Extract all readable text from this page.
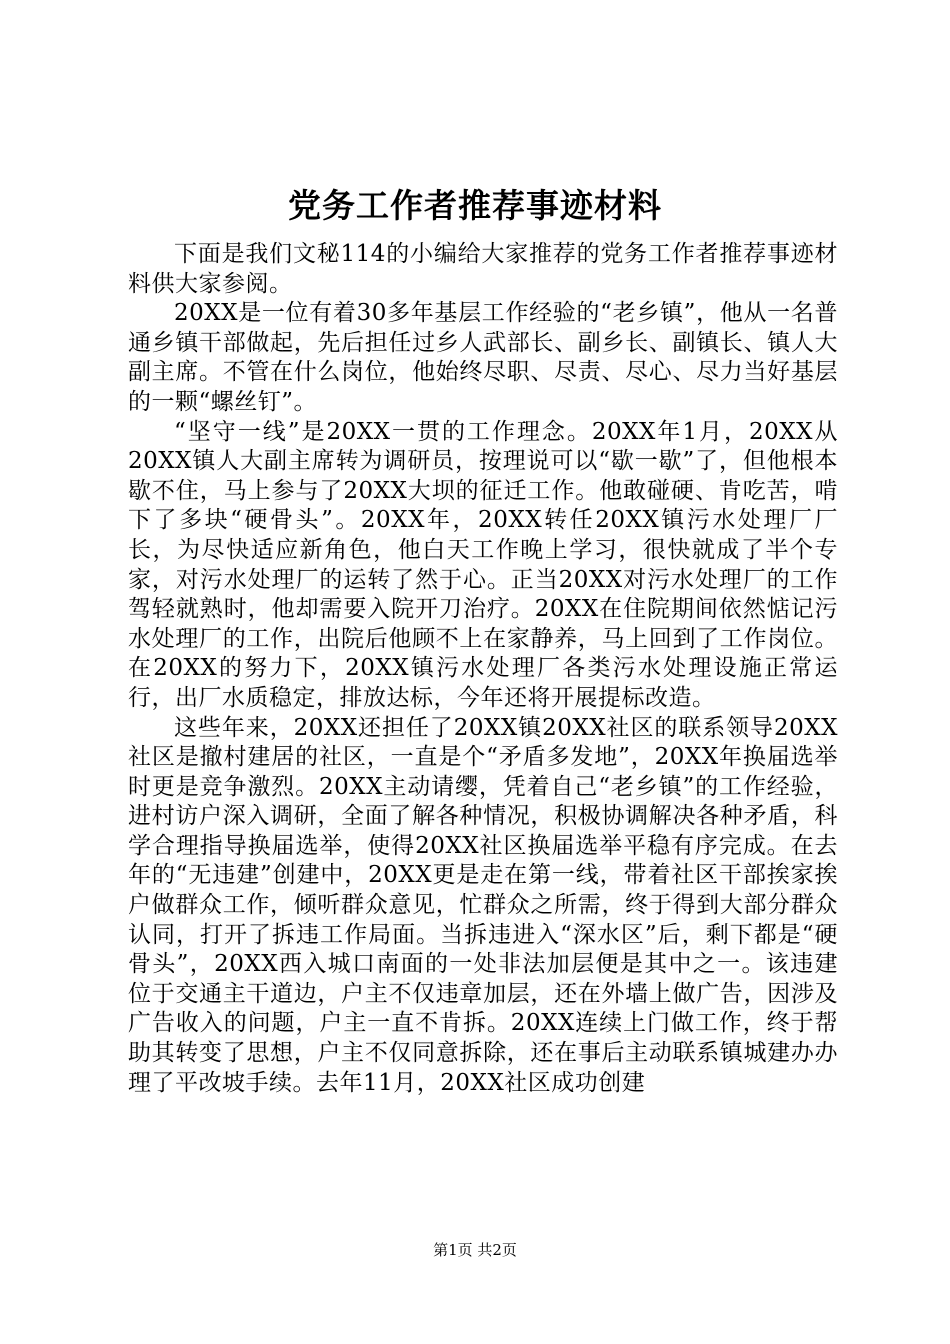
党务工作者推荐事迹材料

下面是我们文秘114的小编给大家推荐的党务工作者推荐事迹材料供大家参阅。

20XX是一位有着30多年基层工作经验的“老乡镇”，他从一名普通乡镇干部做起，先后担任过乡人武部长、副乡长、副镇长、镇人大副主席。不管在什么岗位，他始终尽职、尽责、尽心、尽力当好基层的一颗“螺丝钉”。

“坚守一线”是20XX一贯的工作理念。20XX年1月，20XX从20XX镇人大副主席转为调研员，按理说可以“歇一歇”了，但他根本歇不住，马上参与了20XX大坝的征迁工作。他敢碰硬、肯吃苦，啃下了多块“硬骨头”。20XX年，20XX转任20XX镇污水处理厂厂长，为尽快适应新角色，他白天工作晚上学习，很快就成了半个专家，对污水处理厂的运转了然于心。正当20XX对污水处理厂的工作驾轻就熟时，他却需要入院开刀治疗。20XX在住院期间依然惦记污水处理厂的工作，出院后他顾不上在家静养，马上回到了工作岗位。在20XX的努力下，20XX镇污水处理厂各类污水处理设施正常运行，出厂水质稳定，排放达标，今年还将开展提标改造。

这些年来，20XX还担任了20XX镇20XX社区的联系领导20XX社区是撤村建居的社区，一直是个“矛盾多发地”，20XX年换届选举时更是竞争激烈。20XX主动请缨，凭着自己“老乡镇”的工作经验，进村访户深入调研，全面了解各种情况，积极协调解决各种矛盾，科学合理指导换届选举，使得20XX社区换届选举平稳有序完成。在去年的“无违建”创建中，20XX更是走在第一线，带着社区干部挨家挨户做群众工作，倾听群众意见，忙群众之所需，终于得到大部分群众认同，打开了拆违工作局面。当拆违进入“深水区”后，剩下都是“硬骨头”，20XX西入城口南面的一处非法加层便是其中之一。该违建位于交通主干道边，户主不仅违章加层，还在外墙上做广告，因涉及广告收入的问题，户主一直不肯拆。20XX连续上门做工作，终于帮助其转变了思想，户主不仅同意拆除，还在事后主动联系镇城建办办理了平改坡手续。去年11月，20XX社区成功创建

第1页 共2页
